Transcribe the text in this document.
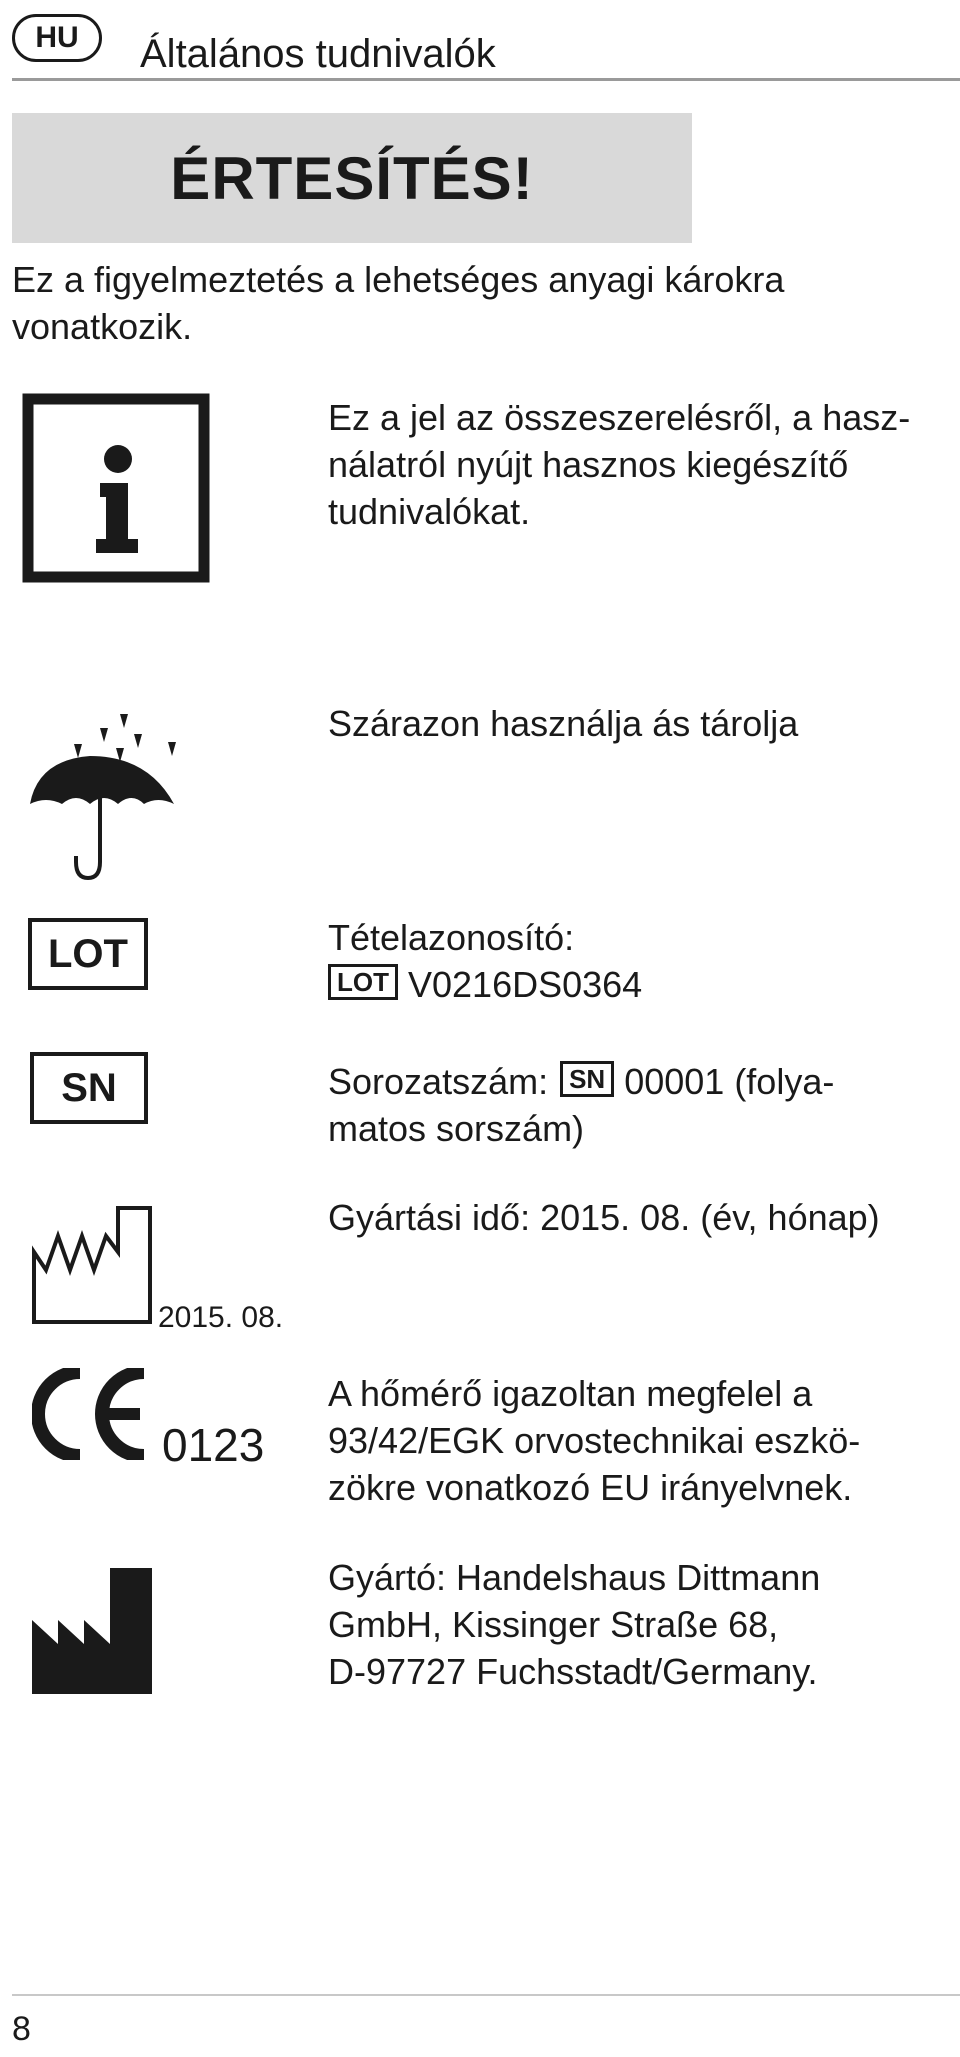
HU Általános tudnivalók
ÉRTESÍTÉS!
Ez a figyelmeztetés a lehetséges anyagi károkra
vonatkozik.
Ez a jel az összeszerelésről, a hasz-
nálatról nyújt hasznos kiegészítő
tudnivalókat.
Szárazon használja ás tárolja
LOT	Tételazonosító:
LOT V0216DS0364
SN	Sorozatszám: SN 00001 (folya-
matos sorszám)
2015. 08.
Gyártási idő: 2015. 08. (év, hónap)
0123
A hőmérő igazoltan megfelel a
93/42/EGK orvostechnikai eszkö-
zökre vonatkozó EU irányelvnek.
Gyártó: Handelshaus Dittmann
GmbH, Kissinger Straße 68,
D-97727 Fuchsstadt/Germany.
8
